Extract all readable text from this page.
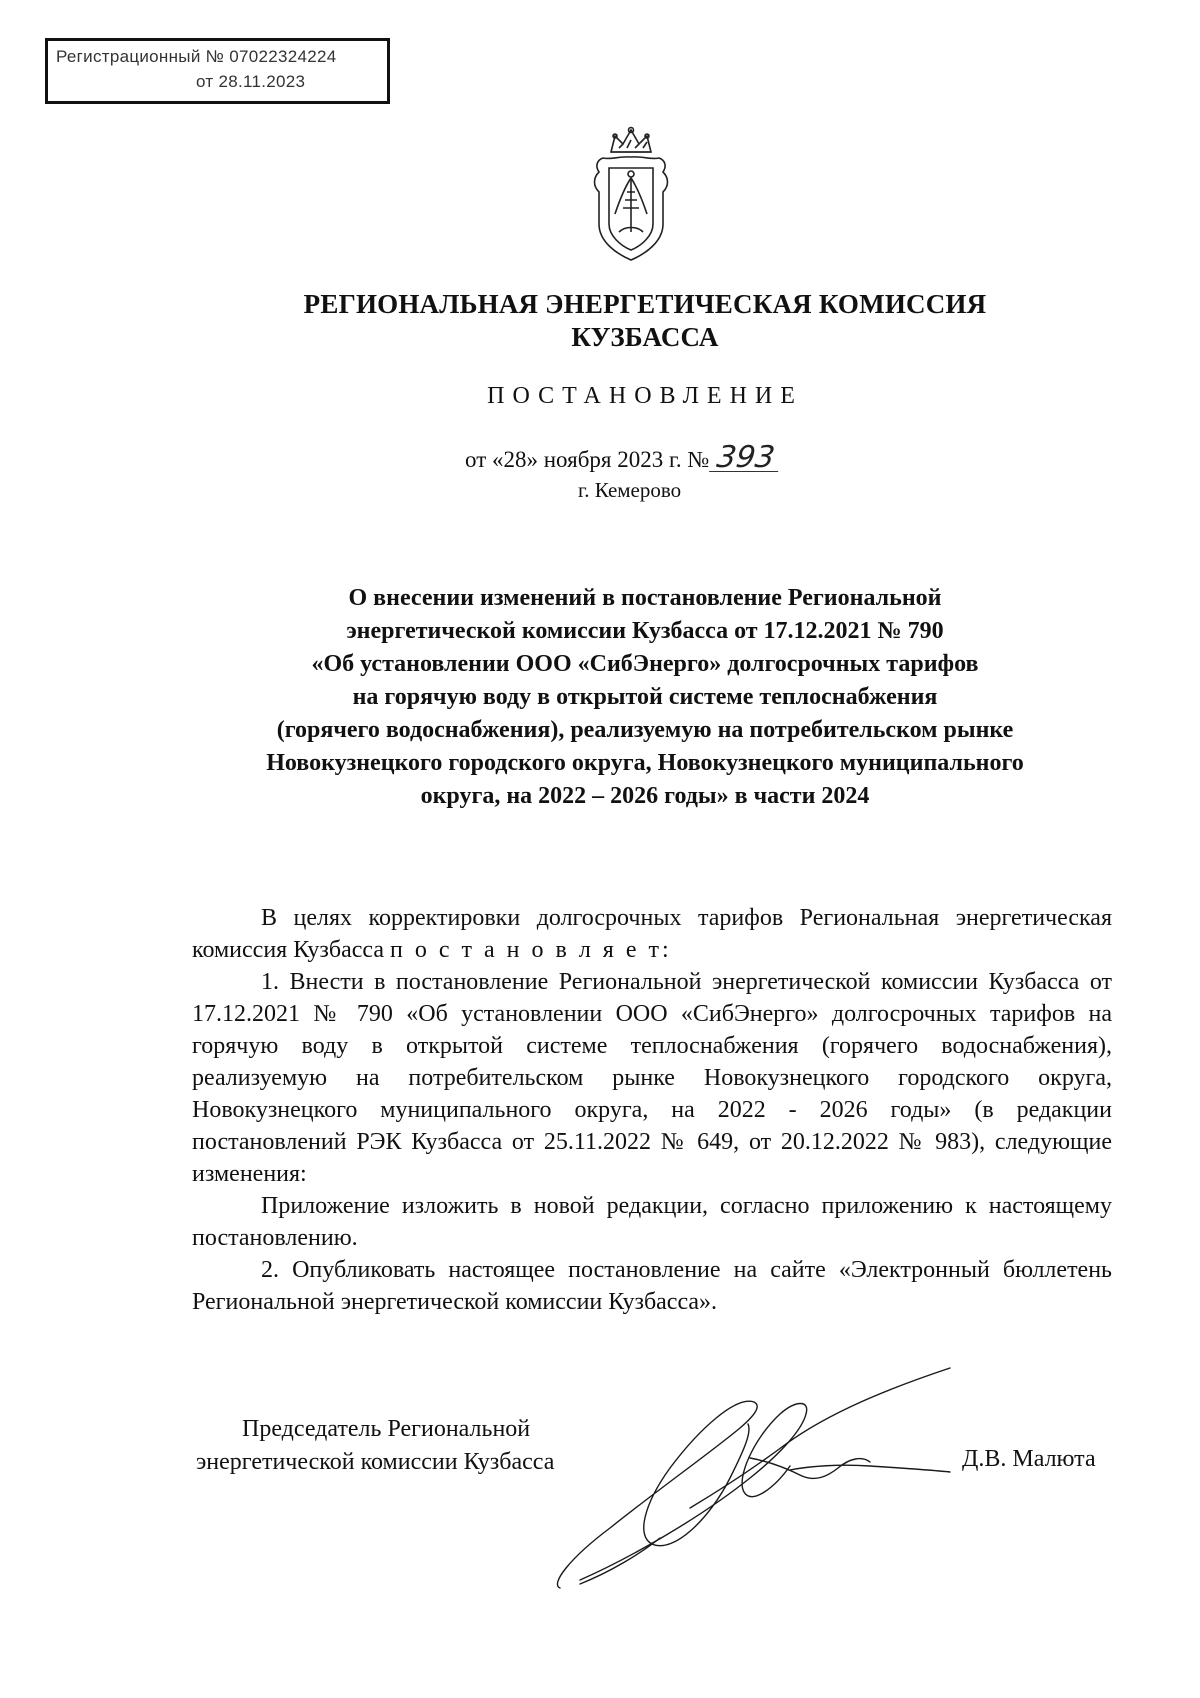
Регистрационный № 07022324224
от 28.11.2023
РЕГИОНАЛЬНАЯ ЭНЕРГЕТИЧЕСКАЯ КОМИССИЯ
КУЗБАССА
ПОСТАНОВЛЕНИЕ
от «28» ноября 2023 г. № 393
г. Кемерово
О внесении изменений в постановление Региональной
энергетической комиссии Кузбасса от 17.12.2021 № 790
«Об установлении ООО «СибЭнерго» долгосрочных тарифов
на горячую воду в открытой системе теплоснабжения
(горячего водоснабжения), реализуемую на потребительском рынке
Новокузнецкого городского округа, Новокузнецкого муниципального
округа, на 2022 – 2026 годы» в части 2024

В целях корректировки долгосрочных тарифов Региональная энергетическая комиссия Кузбасса п о с т а н о в л я е т:

1. Внести в постановление Региональной энергетической комиссии Кузбасса от 17.12.2021 № 790 «Об установлении ООО «СибЭнерго» долгосрочных тарифов на горячую воду в открытой системе теплоснабжения (горячего водоснабжения), реализуемую на потребительском рынке Новокузнецкого городского округа, Новокузнецкого муниципального округа, на 2022 - 2026 годы» (в редакции постановлений РЭК Кузбасса от 25.11.2022 № 649, от 20.12.2022 № 983), следующие изменения:

Приложение изложить в новой редакции, согласно приложению к настоящему постановлению.

2. Опубликовать настоящее постановление на сайте «Электронный бюллетень Региональной энергетической комиссии Кузбасса».

Председатель Региональной
энергетической комиссии Кузбасса	Д.В. Малюта
